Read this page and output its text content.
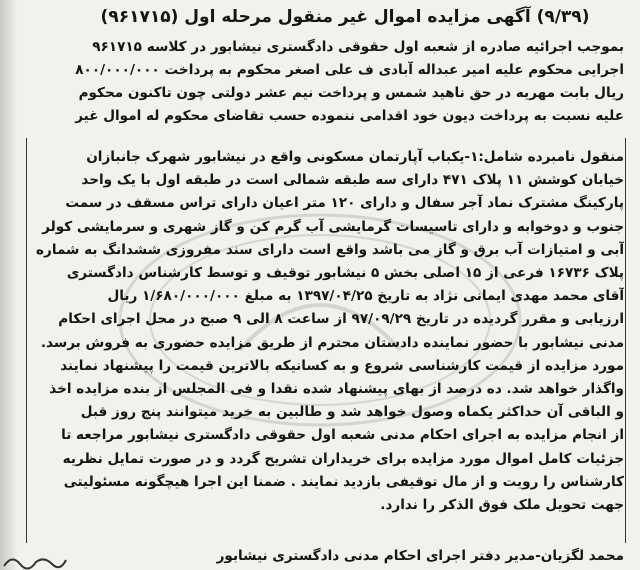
(۹/۳۹) آگهی مزایده اموال غیر منقول مرحله اول (۹۶۱۷۱۵)

بموجب اجرائیه صادره از شعبه اول حقوقی دادگستری نیشابور در کلاسه ۹۶۱۷۱۵

اجرایی محکوم علیه امیر عبداله آبادی ف علی اصغر محکوم به پرداخت ۸۰۰/۰۰۰/۰۰۰

ریال بابت مهریه در حق ناهید شمس و پرداخت نیم عشر دولتی چون تاکنون محکوم

علیه نسبت به پرداخت دیون خود اقدامی ننموده حسب تقاضای محکوم له اموال غیر

منقول نامبرده شامل:۱-یکباب آپارتمان مسکونی واقع در نیشابور شهرک جانبازان

خیابان کوشش ۱۱ پلاک ۴۷۱ دارای سه طبقه شمالی است در طبقه اول با یک واحد

پارکینگ مشترک نماد آجر سفال و دارای ۱۲۰ متر اعیان دارای تراس مسقف در سمت

جنوب و دوخوابه و دارای تاسیسات گرمایشی آب گرم کن و گاز شهری و سرمایشی کولر

آبی و امتیازات آب برق و گاز می باشد واقع است دارای سند مفروزی ششدانگ به شماره

پلاک ۱۶۷۳۶ فرعی از ۱۵ اصلی بخش ۵ نیشابور توقیف و توسط کارشناس دادگستری

آقای محمد مهدی ایمانی نژاد به تاریخ ۱۳۹۷/۰۴/۲۵ به مبلغ ۱/۶۸۰/۰۰۰/۰۰۰ ریال

ارزیابی و مقرر گردیده در تاریخ ۹۷/۰۹/۲۹ از ساعت ۸ الی ۹ صبح در محل اجرای احکام

مدنی نیشابور با حضور نماینده دادستان محترم از طریق مزایده حضوری به فروش برسد.

مورد مزایده از قیمت کارشناسی شروع و به کسانیکه بالاترین قیمت را پیشنهاد نمایند

واگذار خواهد شد. ده درصد از بهای پیشنهاد شده نقدا و فی المجلس از بنده مزایده اخذ

و الباقی آن حداکثر یکماه وصول خواهد شد و طالبین به خرید میتوانند پنج روز قبل

از انجام مزایده به اجرای احکام مدنی شعبه اول حقوقی دادگستری نیشابور مراجعه تا

جزئیات کامل اموال مورد مزایده برای خریداران تشریح گردد و در صورت تمایل نظریه

کارشناس را رویت و از مال توقیفی بازدید نمایند . ضمنا این اجرا هیچگونه مسئولیتی

جهت تحویل ملک فوق الذکر را ندارد.

محمد لگزیان-مدیر دفتر اجرای احکام مدنی دادگستری نیشابور
